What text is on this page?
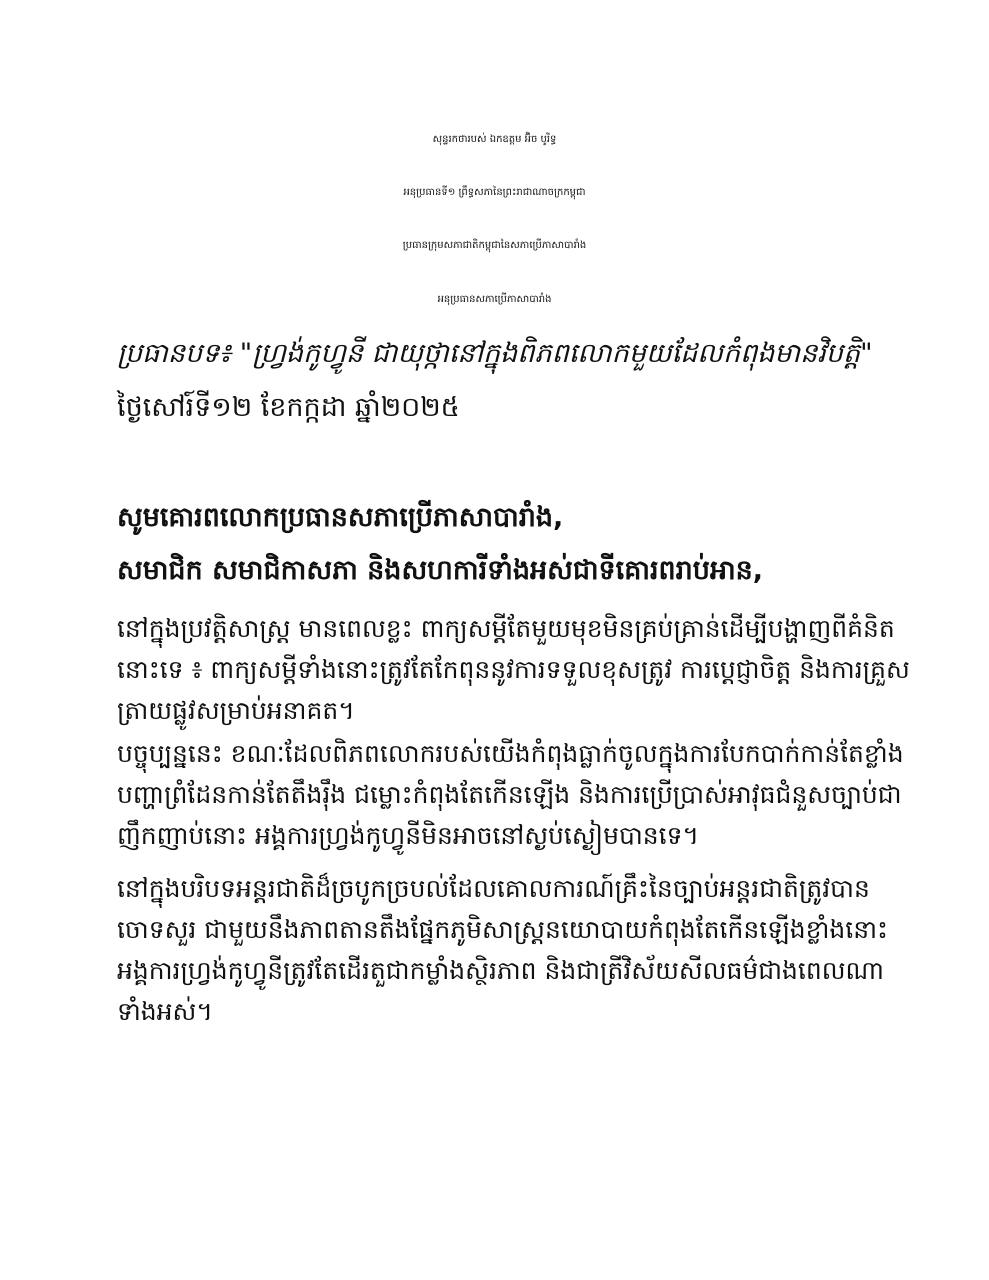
សុន្ទរកថារបស់ ឯកឧត្តម អ៊ិច បូរិទ្ធ
អនុប្រធានទី១ ព្រឹទ្ធសភានៃព្រះរាជាណាចក្រកម្ពុជា
ប្រធានក្រុមសភាជាតិកម្ពុជានៃសភាប្រើភាសាបារាំង
អនុប្រធានសភាប្រើភាសាបារាំង
ប្រធានបទ៖ "ហ្វ្រង់កូហ្វូនី ជាយុថ្កានៅក្នុងពិភពលោកមួយដែលកំពុងមានវិបត្តិ"
ថ្ងៃសៅរ៍ទី១២ ខែកក្កដា ឆ្នាំ២០២៥
សូមគោរពលោកប្រធានសភាប្រើភាសាបារាំង,
សមាជិក សមាជិកាសភា និងសហការីទាំងអស់ជាទីគោរពរាប់អាន,
នៅក្នុងប្រវត្តិសាស្ត្រ មានពេលខ្លះ ពាក្យសម្ដីតែមួយមុខមិនគ្រប់គ្រាន់ដើម្បីបង្ហាញពីគំនិត
នោះទេ ៖ ពាក្យសម្ដីទាំងនោះត្រូវតែកែពុននូវការទទួលខុសត្រូវ ការប្ដេជ្ញាចិត្ត និងការគ្រួស
ត្រាយផ្លូវសម្រាប់អនាគត។
បច្ចុប្បន្ននេះ ខណៈដែលពិភពលោករបស់យើងកំពុងធ្លាក់ចូលក្នុងការបែកបាក់កាន់តែខ្លាំង
បញ្ហាព្រំដែនកាន់តែតឹងរ៉ឹង ជម្លោះកំពុងតែកើនឡើង និងការប្រើប្រាស់អាវុធជំនួសច្បាប់ជា
ញឹកញាប់នោះ អង្គការហ្វ្រង់កូហ្វូនីមិនអាចនៅស្ងប់ស្ងៀមបានទេ។
នៅក្នុងបរិបទអន្តរជាតិដ៏ច្របូកច្របល់ដែលគោលការណ៍គ្រឹះនៃច្បាប់អន្តរជាតិត្រូវបាន
ចោទសួរ ជាមួយនឹងភាពតានតឹងផ្នែកភូមិសាស្ត្រនយោបាយកំពុងតែកើនឡើងខ្លាំងនោះ
អង្គការហ្វ្រង់កូហ្វូនីត្រូវតែដើរតួជាកម្លាំងស្ថិរភាព និងជាត្រីវិស័យសីលធម៌ជាងពេលណា
ទាំងអស់។
